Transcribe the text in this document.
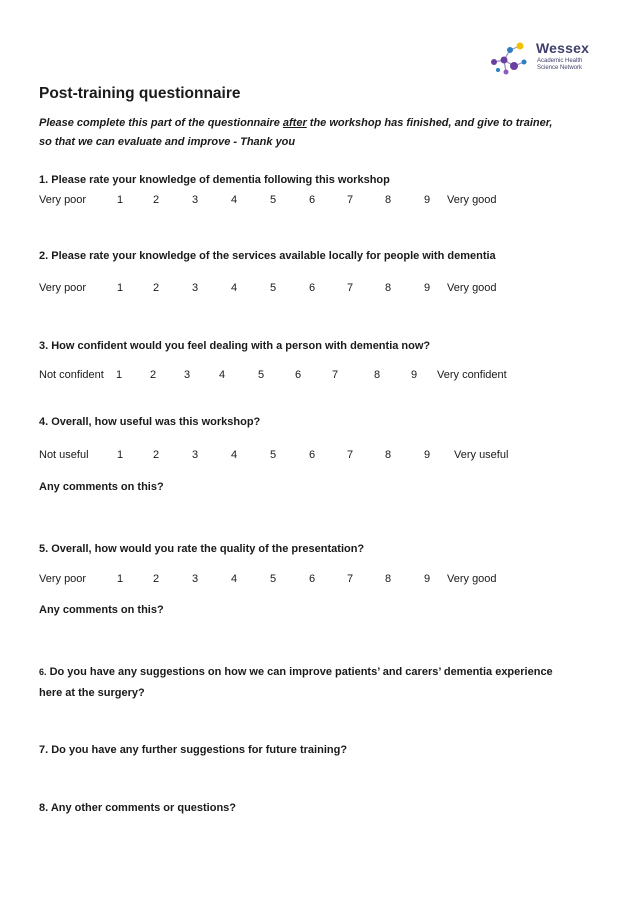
Wessex
Academic Health
Science Network
Post-training questionnaire
Please complete this part of the questionnaire after the workshop has finished, and give to trainer,
so that we can evaluate and improve - Thank you
1. Please rate your knowledge of dementia following this workshop
Very poor	1	2	3	4	5	6	7	8	9 Very good
2. Please rate your knowledge of the services available locally for people with dementia
Very poor	1	2	3	4	5	6	7	8	9 Very good
3. How confident would you feel dealing with a person with dementia now?
Not confident 1	2	3	4	5	6	7	8	9 Very confident
4. Overall, how useful was this workshop?
Not useful	1	2	3	4	5	6	7	8	9 Very useful
Any comments on this?
5. Overall, how would you rate the quality of the presentation?
Very poor	1	2	3	4	5	6	7	8	9 Very good
Any comments on this?
6. Do you have any suggestions on how we can improve patients’ and carers’ dementia experience
here at the surgery?
7. Do you have any further suggestions for future training?
8. Any other comments or questions?
